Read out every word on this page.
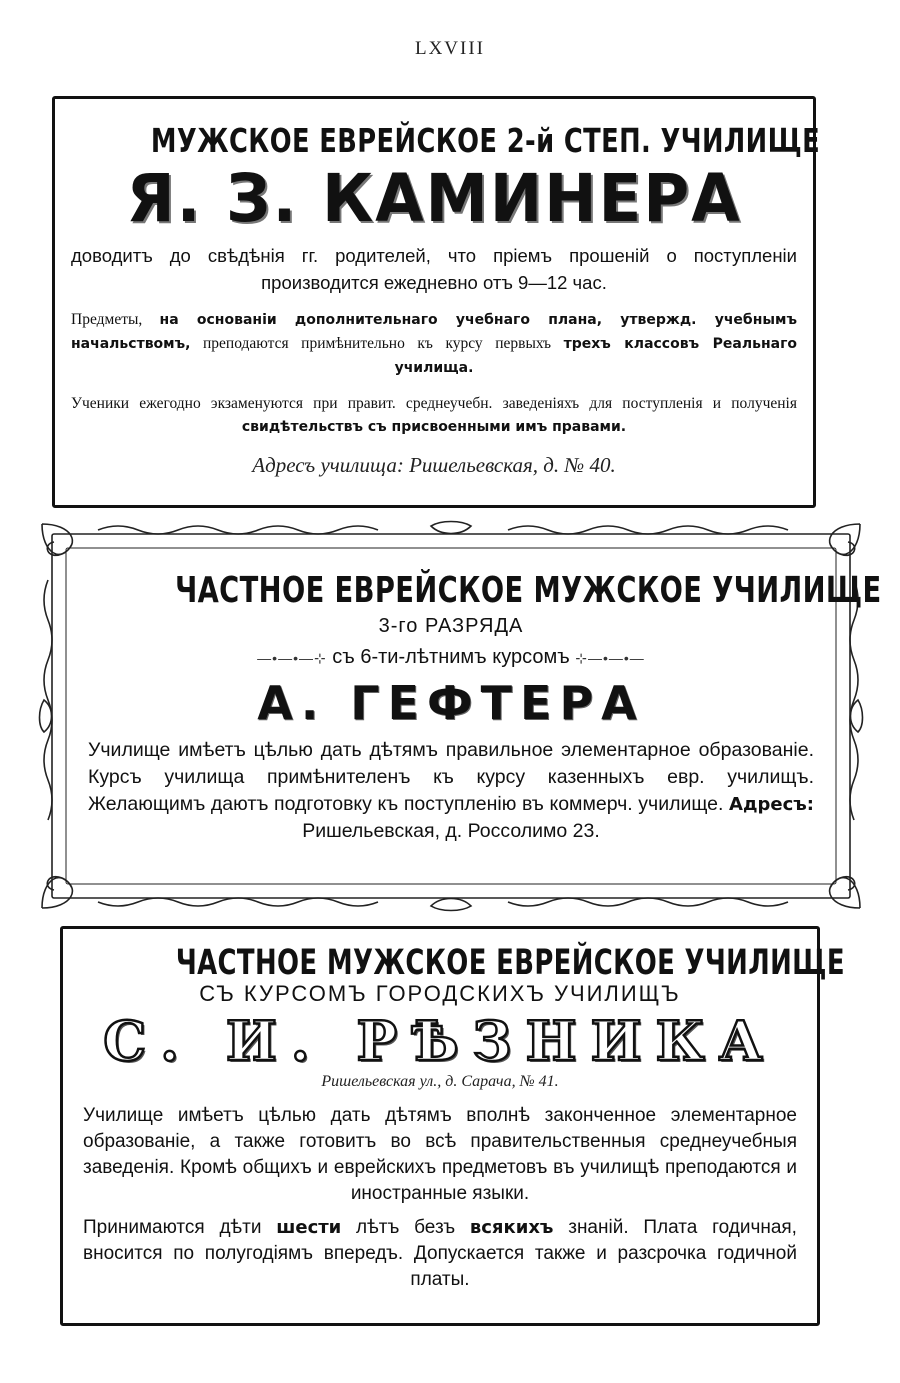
LXVIII
МУЖСКОЕ ЕВРЕЙСКОЕ 2-й СТЕП. УЧИЛИЩЕ
Я. З. КАМИНЕРА

доводитъ до свѣдѣнія гг. родителей, что пріемъ прошеній о поступленіи производится ежедневно отъ 9—12 час.

Предметы, на основаніи дополнительнаго учебнаго плана, утвержд. учебнымъ начальствомъ, преподаются примѣнительно къ курсу первыхъ трехъ классовъ Реальнаго училища.

Ученики ежегодно экзаменуются при правит. среднеучебн. заведеніяхъ для поступленія и полученія свидѣтельствъ съ присвоенными имъ правами.

Адресъ училища: Ришельевская, д. № 40.
ЧАСТНОЕ ЕВРЕЙСКОЕ МУЖСКОЕ УЧИЛИЩЕ
3-го РАЗРЯДА
—•—•—⊹ съ 6-ти-лѣтнимъ курсомъ ⊹—•—•—
А. ГЕФТЕРА

Училище имѣетъ цѣлью дать дѣтямъ правильное элементарное образованіе. Курсъ училища примѣнителенъ къ курсу казенныхъ евр. училищъ. Желающимъ даютъ подготовку къ поступленію въ коммерч. училище. Адресъ: Ришельевская, д. Россолимо 23.

ЧАСТНОЕ МУЖСКОЕ ЕВРЕЙСКОЕ УЧИЛИЩЕ
СЪ КУРСОМЪ ГОРОДСКИХЪ УЧИЛИЩЪ
С. И. РѢЗНИКА
Ришельевская ул., д. Сарача, № 41.

Училище имѣетъ цѣлью дать дѣтямъ вполнѣ законченное элементарное образованіе, а также готовитъ во всѣ правительственныя среднеучебныя заведенія. Кромѣ общихъ и еврейскихъ предметовъ въ училищѣ преподаются и иностранные языки.

Принимаются дѣти шести лѣтъ безъ всякихъ знаній. Плата годичная, вносится по полугодіямъ впередъ. Допускается также и разсрочка годичной платы.
